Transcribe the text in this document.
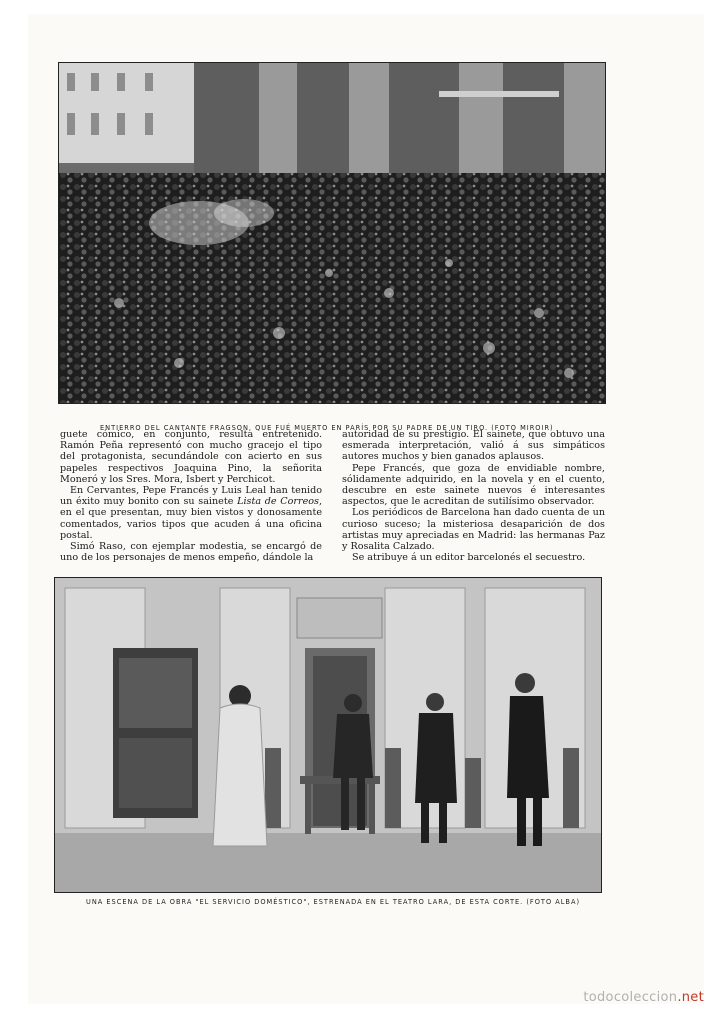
ENTIERRO DEL CANTANTE FRAGSON, QUE FUÉ MUERTO EN PARÍS POR SU PADRE DE UN TIRO. (FOTO MIROIR)

guete cómico, en conjunto, resulta entretenido. Ramón Peña representó con mucho gracejo el tipo del protagonista, secundándole con acierto en sus papeles respectivos Joaquina Pino, la señorita Moneró y los Sres. Mora, Isbert y Perchicot.

En Cervantes, Pepe Francés y Luis Leal han tenido un éxito muy bonito con su sainete Lista de Correos, en el que presentan, muy bien vistos y donosamente comentados, varios tipos que acuden á una oficina postal.

Simó Raso, con ejemplar modestia, se encargó de uno de los personajes de menos empeño, dándole la

autoridad de su prestigio. El sainete, que obtuvo una esmerada interpretación, valió á sus simpáticos autores muchos y bien ganados aplausos.

Pepe Francés, que goza de envidiable nombre, sólidamente adquirido, en la novela y en el cuento, descubre en este sainete nuevos é interesantes aspectos, que le acreditan de sutilísimo observador.

Los periódicos de Barcelona han dado cuenta de un curioso suceso; la misteriosa desaparición de dos artistas muy apreciadas en Madrid: las hermanas Paz y Rosalita Calzado.

Se atribuye á un editor barcelonés el secuestro.

UNA ESCENA DE LA OBRA "EL SERVICIO DOMÉSTICO", ESTRENADA EN EL TEATRO LARA, DE ESTA CORTE. (FOTO ALBA)
todocoleccion.net
